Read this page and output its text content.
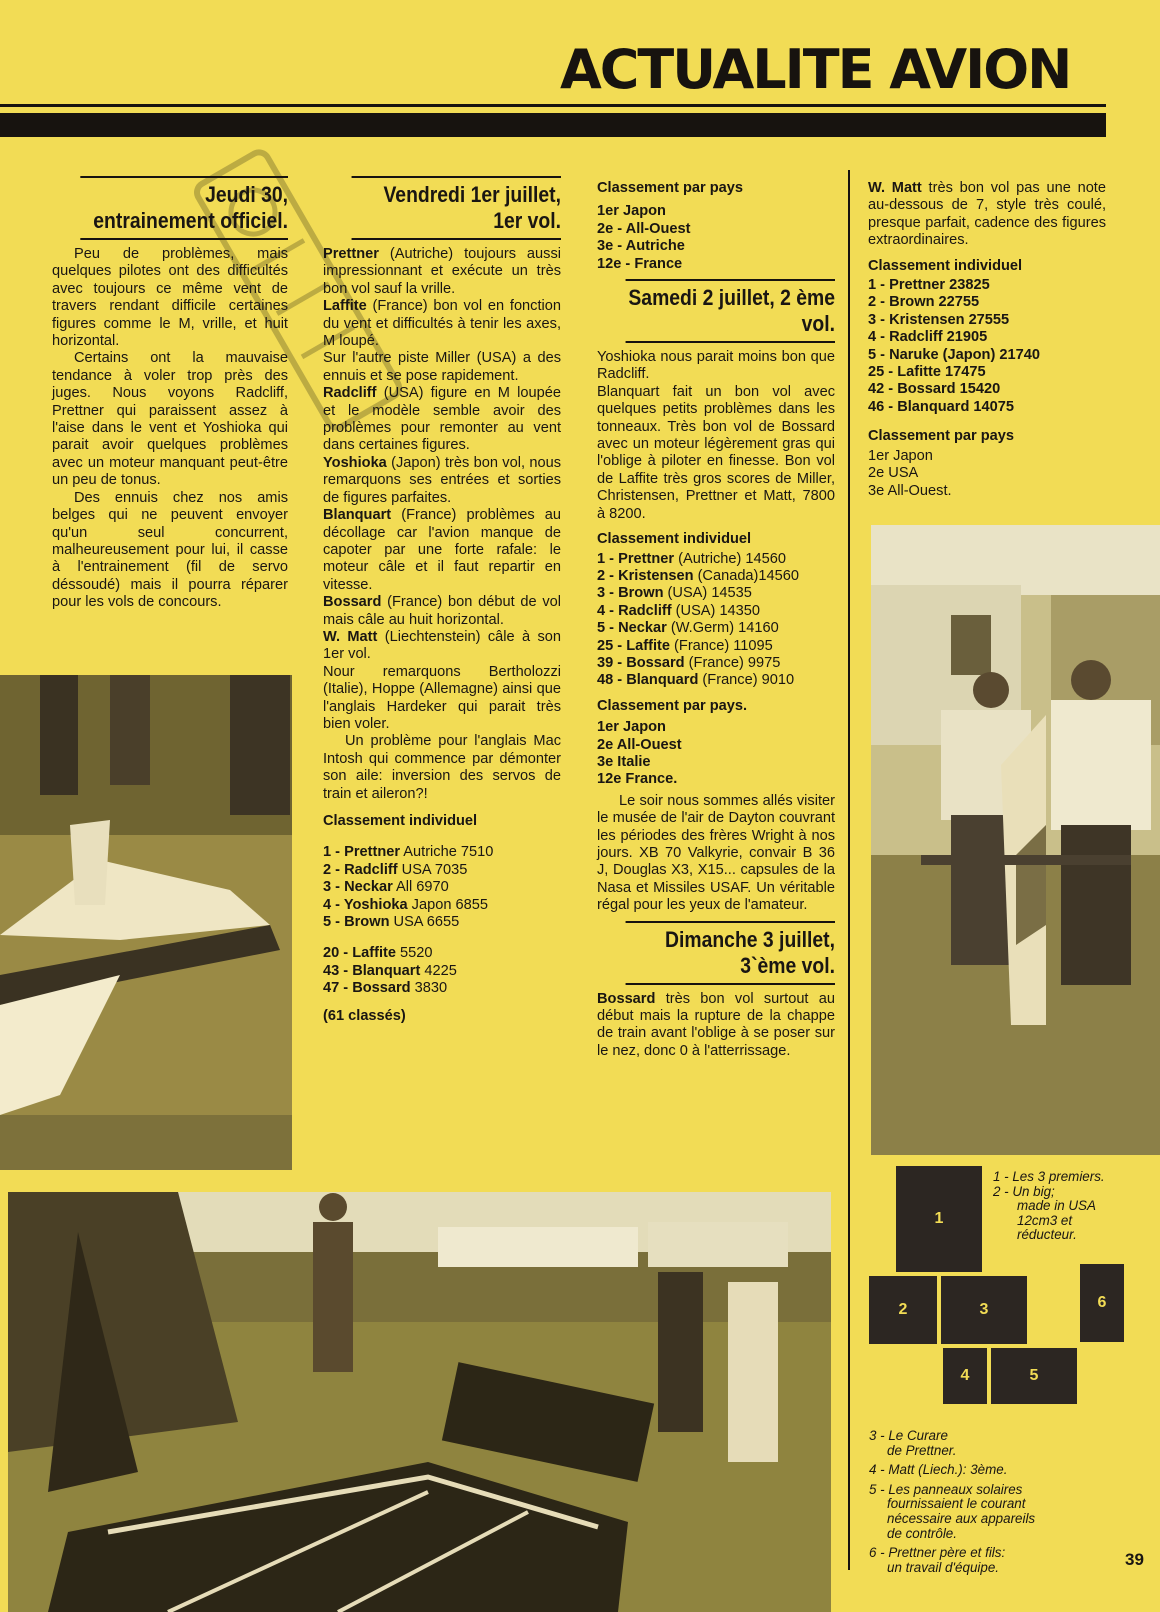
ACTUALITE AVION
Jeudi 30, entrainement officiel.

Peu de problèmes, mais quelques pilotes ont des difficultés avec toujours ce même vent de travers rendant difficile certaines figures comme le M, vrille, et huit horizontal.

Certains ont la mauvaise tendance à voler trop près des juges. Nous voyons Radcliff, Prettner qui paraissent assez à l'aise dans le vent et Yoshioka qui parait avoir quelques problèmes avec un moteur manquant peut-être un peu de tonus.

Des ennuis chez nos amis belges qui ne peuvent envoyer qu'un seul concurrent, malheureusement pour lui, il casse à l'entrainement (fil de servo déssoudé) mais il pourra réparer pour les vols de concours.

Vendredi 1er juillet, 1er vol.

Prettner (Autriche) toujours aussi impressionnant et exécute un très bon vol sauf la vrille.

Laffite (France) bon vol en fonction du vent et difficultés à tenir les axes, M loupé.

Sur l'autre piste Miller (USA) a des ennuis et se pose rapidement.

Radcliff (USA) figure en M loupée et le modèle semble avoir des problèmes pour remonter au vent dans certaines figures.

Yoshioka (Japon) très bon vol, nous remarquons ses entrées et sorties de figures parfaites.

Blanquart (France) problèmes au décollage car l'avion manque de capoter par une forte rafale: le moteur câle et il faut repartir en vitesse.

Bossard (France) bon début de vol mais câle au huit horizontal.

W. Matt (Liechtenstein) câle à son 1er vol.

Nour remarquons Bertholozzi (Italie), Hoppe (Allemagne) ainsi que l'anglais Hardeker qui parait très bien voler.

Un problème pour l'anglais Mac Intosh qui commence par démonter son aile: inversion des servos de train et aileron?!

Classement individuel
1 - Prettner Autriche 7510
2 - Radcliff USA 7035
3 - Neckar All 6970
4 - Yoshioka Japon 6855
5 - Brown USA 6655
20 - Laffite 5520
43 - Blanquart 4225
47 - Bossard 3830
(61 classés)
Classement par pays
1er Japon
2e - All-Ouest
3e - Autriche
12e - France
Samedi 2 juillet, 2 ème vol.

Yoshioka nous parait moins bon que Radcliff.

Blanquart fait un bon vol avec quelques petits problèmes dans les tonneaux. Très bon vol de Bossard avec un moteur légèrement gras qui l'oblige à piloter en finesse. Bon vol de Laffite très gros scores de Miller, Christensen, Prettner et Matt, 7800 à 8200.

Classement individuel
1 - Prettner (Autriche) 14560
2 - Kristensen (Canada)14560
3 - Brown (USA) 14535
4 - Radcliff (USA) 14350
5 - Neckar (W.Germ) 14160
25 - Laffite (France) 11095
39 - Bossard (France) 9975
48 - Blanquard (France) 9010
Classement par pays.
1er Japon
2e All-Ouest
3e Italie
12e France.

Le soir nous sommes allés visiter le musée de l'air de Dayton couvrant les périodes des frères Wright à nos jours. XB 70 Valkyrie, convair B 36 J, Douglas X3, X15... capsules de la Nasa et Missiles USAF. Un véritable régal pour les yeux de l'amateur.

Dimanche 3 juillet, 3`ème vol.

Bossard très bon vol surtout au début mais la rupture de la chappe de train avant l'oblige à se poser sur le nez, donc 0 à l'atterrissage.

W. Matt très bon vol pas une note au-dessous de 7, style très coulé, presque parfait, cadence des figures extraordinaires.

Classement individuel
1 - Prettner 23825
2 - Brown 22755
3 - Kristensen 27555
4 - Radcliff 21905
5 - Naruke (Japon) 21740
25 - Lafitte 17475
42 - Bossard 15420
46 - Blanquard 14075
Classement par pays
1er Japon
2e USA
3e All-Ouest.
1
2	3	6
4	5
1 - Les 3 premiers.
2 - Un big;
made in USA
12cm3 et
réducteur.
3 - Le Curare
de Prettner.
4 - Matt (Liech.): 3ème.
5 - Les panneaux solaires
fournissaient le courant
nécessaire aux appareils
de contrôle.
6 - Prettner père et fils:
un travail d'équipe.	39
